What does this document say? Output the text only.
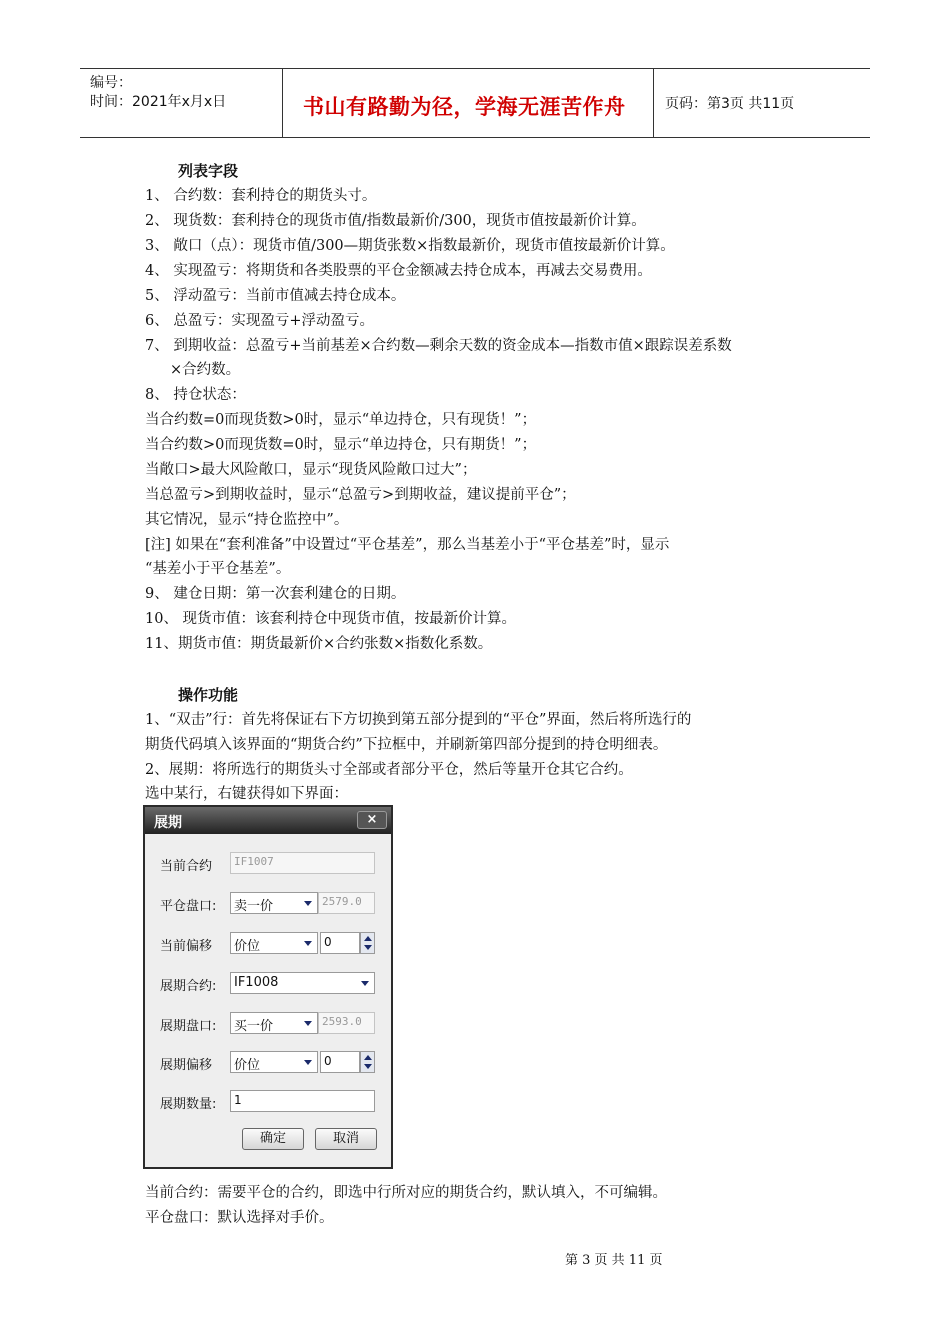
编号：
时间：2021年x月x日	书山有路勤为径，学海无涯苦作舟	页码：第3页 共11页
列表字段
1、 合约数：套利持仓的期货头寸。
2、 现货数：套利持仓的现货市值/指数最新价/300，现货市值按最新价计算。
3、 敞口（点）：现货市值/300—期货张数×指数最新价，现货市值按最新价计算。
4、 实现盈亏：将期货和各类股票的平仓金额减去持仓成本，再减去交易费用。
5、 浮动盈亏：当前市值减去持仓成本。
6、 总盈亏：实现盈亏+浮动盈亏。
7、 到期收益：总盈亏+当前基差×合约数—剩余天数的资金成本—指数市值×跟踪误差系数
×合约数。
8、 持仓状态：
当合约数=0而现货数>0时，显示“单边持仓，只有现货！”；
当合约数>0而现货数=0时，显示“单边持仓，只有期货！”；
当敞口>最大风险敞口，显示“现货风险敞口过大”；
当总盈亏>到期收益时，显示“总盈亏>到期收益，建议提前平仓”；
其它情况，显示“持仓监控中”。
[注] 如果在“套利准备”中设置过“平仓基差”，那么当基差小于“平仓基差”时，显示
“基差小于平仓基差”。
9、 建仓日期：第一次套利建仓的日期。
10、 现货市值：该套利持仓中现货市值，按最新价计算。
11、期货市值：期货最新价×合约张数×指数化系数。
操作功能
1、“双击”行：首先将保证右下方切换到第五部分提到的“平仓”界面，然后将所选行的
期货代码填入该界面的“期货合约”下拉框中，并刷新第四部分提到的持仓明细表。
2、展期：将所选行的期货头寸全部或者部分平仓，然后等量开仓其它合约。
选中某行，右键获得如下界面：
展期	×
当前合约	IF1007
平仓盘口:	卖一价	2579.0
当前偏移	价位	0
展期合约:	IF1008
展期盘口:	买一价	2593.0
展期偏移	价位	0
展期数量:	1
确定	取消
当前合约：需要平仓的合约，即选中行所对应的期货合约，默认填入，不可编辑。
平仓盘口：默认选择对手价。
第 3 页 共 11 页
